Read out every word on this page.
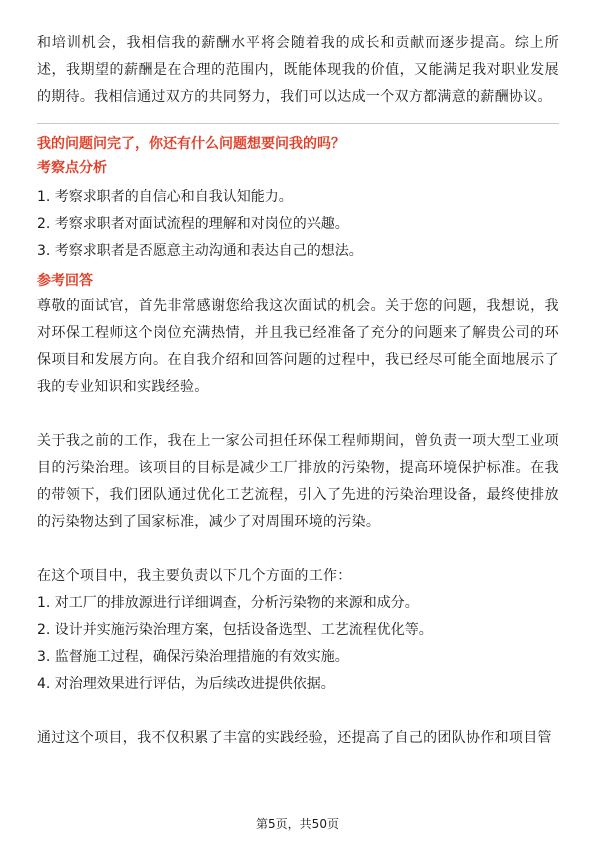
和培训机会，我相信我的薪酬水平将会随着我的成长和贡献而逐步提高。综上所述，我期望的薪酬是在合理的范围内，既能体现我的价值，又能满足我对职业发展的期待。我相信通过双方的共同努力，我们可以达成一个双方都满意的薪酬协议。

我的问题问完了，你还有什么问题想要问我的吗？

考察点分析

1. 考察求职者的自信心和自我认知能力。

2. 考察求职者对面试流程的理解和对岗位的兴趣。

3. 考察求职者是否愿意主动沟通和表达自己的想法。

参考回答

尊敬的面试官，首先非常感谢您给我这次面试的机会。关于您的问题，我想说，我对环保工程师这个岗位充满热情，并且我已经准备了充分的问题来了解贵公司的环保项目和发展方向。在自我介绍和回答问题的过程中，我已经尽可能全面地展示了我的专业知识和实践经验。

关于我之前的工作，我在上一家公司担任环保工程师期间，曾负责一项大型工业项目的污染治理。该项目的目标是减少工厂排放的污染物，提高环境保护标准。在我的带领下，我们团队通过优化工艺流程，引入了先进的污染治理设备，最终使排放的污染物达到了国家标准，减少了对周围环境的污染。

在这个项目中，我主要负责以下几个方面的工作：

1. 对工厂的排放源进行详细调查，分析污染物的来源和成分。

2. 设计并实施污染治理方案，包括设备选型、工艺流程优化等。

3. 监督施工过程，确保污染治理措施的有效实施。

4. 对治理效果进行评估，为后续改进提供依据。

通过这个项目，我不仅积累了丰富的实践经验，还提高了自己的团队协作和项目管

第5页，共50页
